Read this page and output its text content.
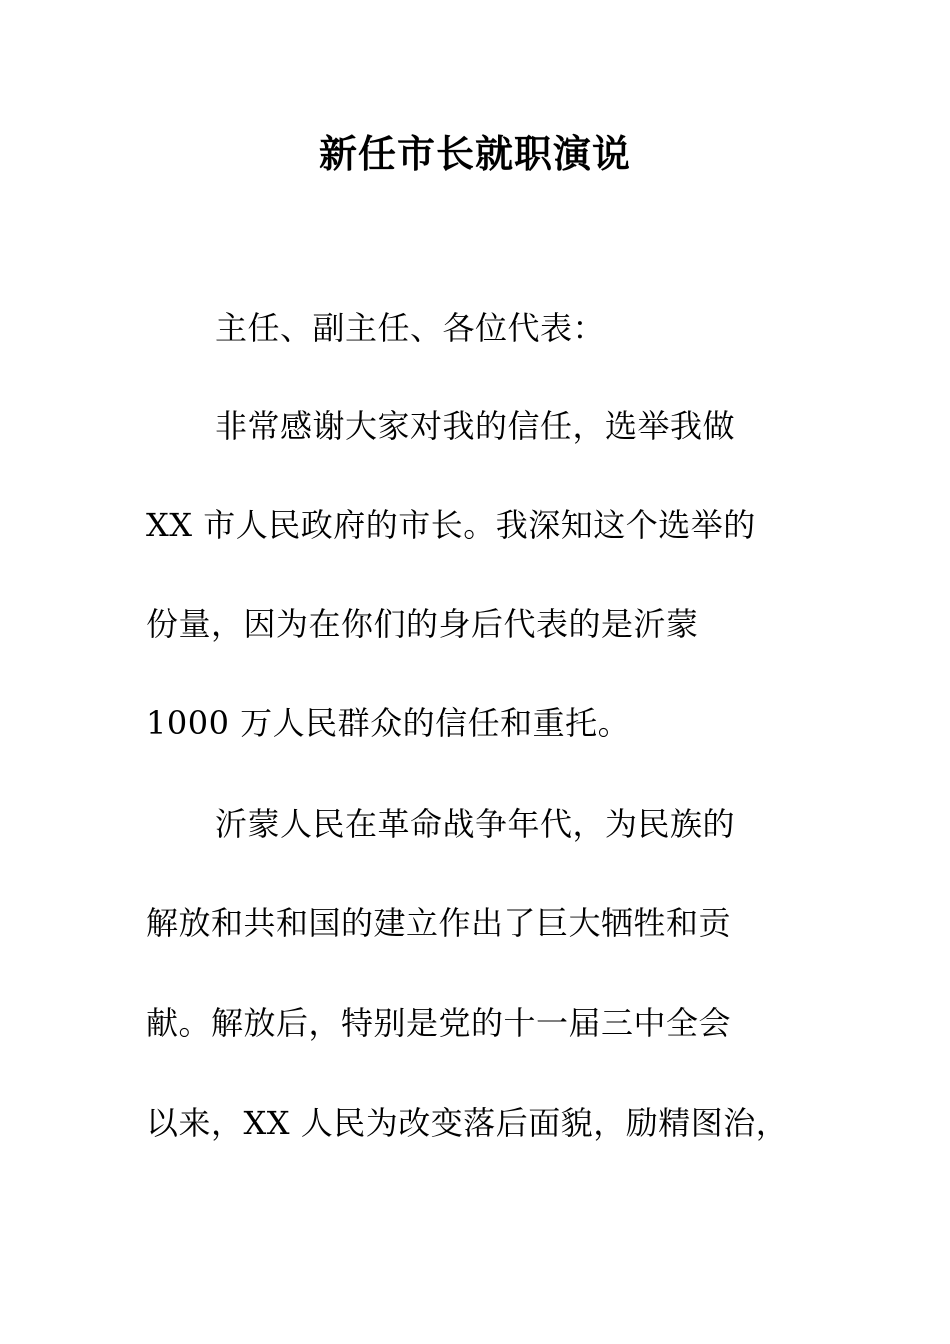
新任市长就职演说
主任、副主任、各位代表：
非常感谢大家对我的信任，选举我做
XX 市人民政府的市长。我深知这个选举的
份量，因为在你们的身后代表的是沂蒙
1000 万人民群众的信任和重托。
沂蒙人民在革命战争年代，为民族的
解放和共和国的建立作出了巨大牺牲和贡
献。解放后，特别是党的十一届三中全会
以来，XX 人民为改变落后面貌，励精图治，
